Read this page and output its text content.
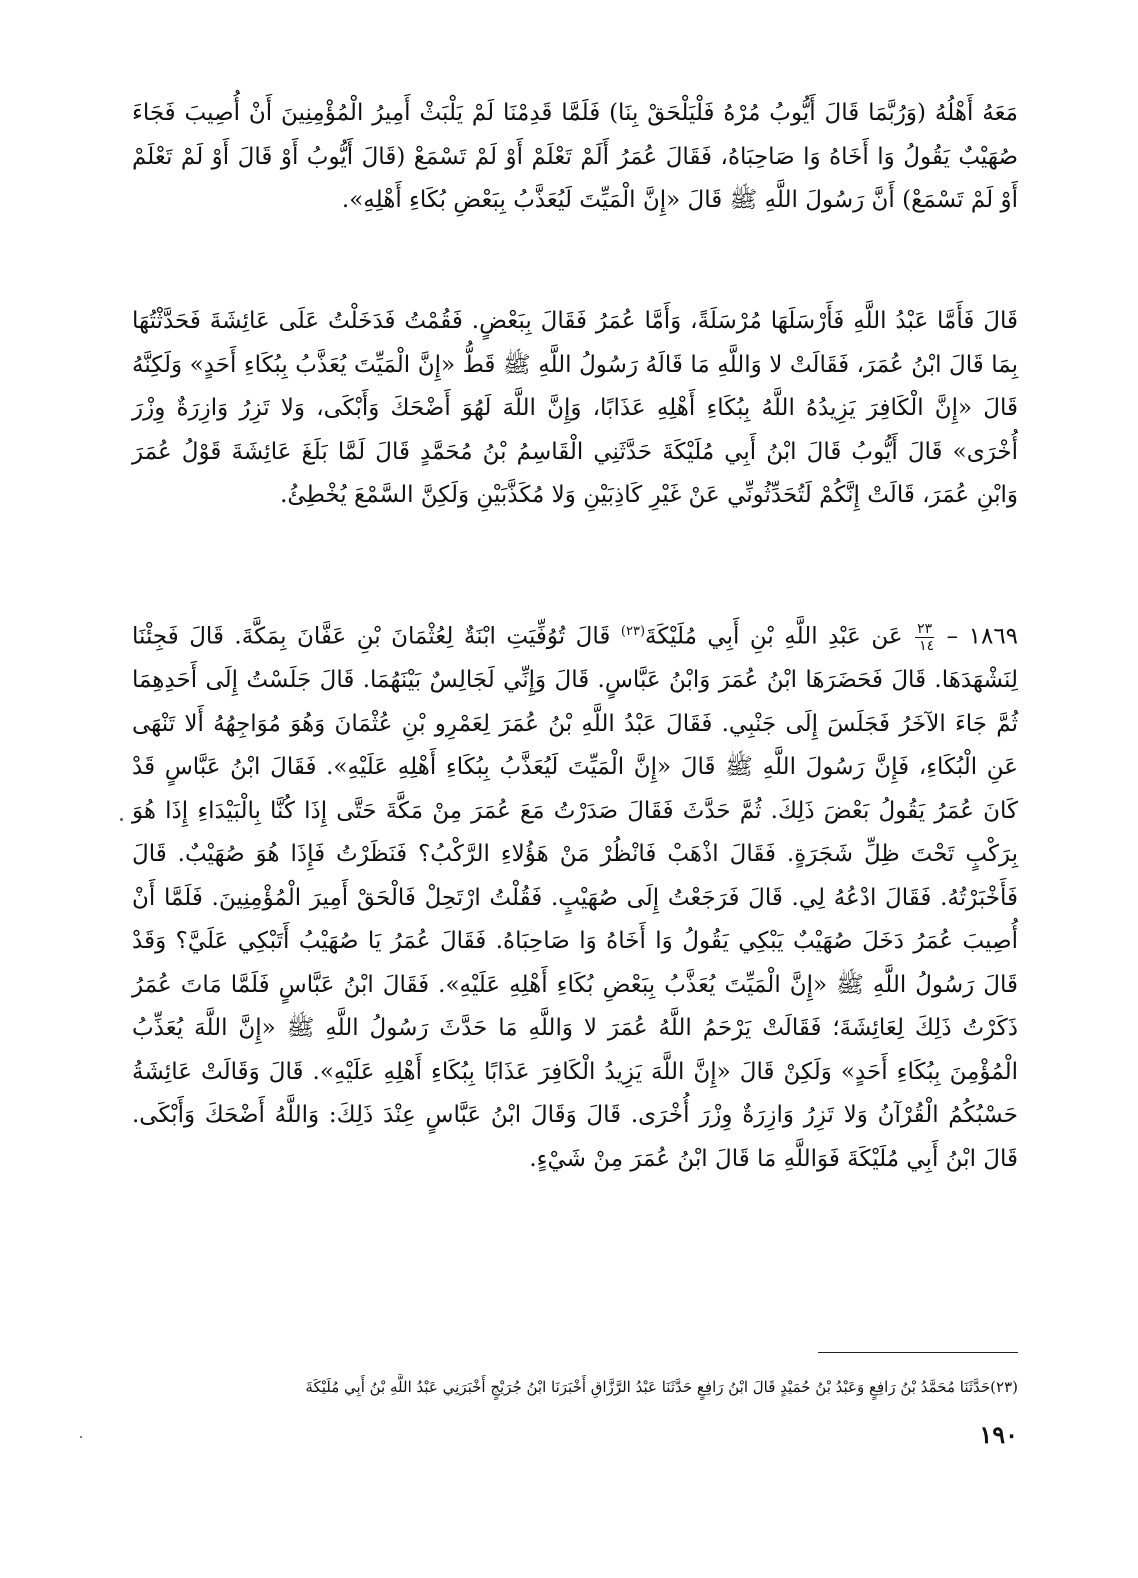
مَعَهُ أَهْلُهُ (وَرُبَّمَا قَالَ أَيُّوبُ مُرْهُ فَلْيَلْحَقْ بِنَا) فَلَمَّا قَدِمْنَا لَمْ يَلْبَثْ أَمِيرُ الْمُؤْمِنِينَ أَنْ أُصِيبَ فَجَاءَ صُهَيْبٌ يَقُولُ وَا أَخَاهُ وَا صَاحِبَاهُ، فَقَالَ عُمَرُ أَلَمْ تَعْلَمْ أَوْ لَمْ تَسْمَعْ (قَالَ أَيُّوبُ أَوْ قَالَ أَوْ لَمْ تَعْلَمْ أَوْ لَمْ تَسْمَعْ) أَنَّ رَسُولَ اللَّهِ ﷺ قَالَ «إِنَّ الْمَيِّتَ لَيُعَذَّبُ بِبَعْضِ بُكَاءِ أَهْلِهِ».

قَالَ فَأَمَّا عَبْدُ اللَّهِ فَأَرْسَلَهَا مُرْسَلَةً، وَأَمَّا عُمَرُ فَقَالَ بِبَعْضٍ. فَقُمْتُ فَدَخَلْتُ عَلَى عَائِشَةَ فَحَدَّثْتُهَا بِمَا قَالَ ابْنُ عُمَرَ، فَقَالَتْ لا وَاللَّهِ مَا قَالَهُ رَسُولُ اللَّهِ ﷺ قَطُّ «إِنَّ الْمَيِّتَ يُعَذَّبُ بِبُكَاءِ أَحَدٍ» وَلَكِنَّهُ قَالَ «إِنَّ الْكَافِرَ يَزِيدُهُ اللَّهُ بِبُكَاءِ أَهْلِهِ عَذَابًا، وَإِنَّ اللَّهَ لَهُوَ أَضْحَكَ وَأَبْكَى، وَلا تَزِرُ وَازِرَةٌ وِزْرَ أُخْرَى» قَالَ أَيُّوبُ قَالَ ابْنُ أَبِي مُلَيْكَةَ حَدَّثَنِي الْقَاسِمُ بْنُ مُحَمَّدٍ قَالَ لَمَّا بَلَغَ عَائِشَةَ قَوْلُ عُمَرَ وَابْنِ عُمَرَ، قَالَتْ إِنَّكُمْ لَتُحَدِّثُونِّي عَنْ غَيْرِ كَاذِبَيْنِ وَلا مُكَذَّبَيْنِ وَلَكِنَّ السَّمْعَ يُخْطِئُ.

١٨٦٩ –
$\frac{٢٣}{١٤}$
عَن عَبْدِ اللَّهِ بْنِ أَبِي مُلَيْكَةَ$^{(٢٣)}$ قَالَ تُوُفِّيَتِ ابْنَةٌ لِعُثْمَانَ بْنِ عَفَّانَ بِمَكَّةَ. قَالَ فَجِئْنَا لِنَشْهَدَهَا. قَالَ فَحَضَرَهَا ابْنُ عُمَرَ وَابْنُ عَبَّاسٍ. قَالَ وَإِنِّي لَجَالِسٌ بَيْنَهُمَا. قَالَ جَلَسْتُ إِلَى أَحَدِهِمَا ثُمَّ جَاءَ الآخَرُ فَجَلَسَ إِلَى جَنْبِي. فَقَالَ عَبْدُ اللَّهِ بْنُ عُمَرَ لِعَمْرِو بْنِ عُثْمَانَ وَهُوَ مُوَاجِهُهُ أَلا تَنْهَى عَنِ الْبُكَاءِ، فَإِنَّ رَسُولَ اللَّهِ ﷺ قَالَ «إِنَّ الْمَيِّتَ لَيُعَذَّبُ بِبُكَاءِ أَهْلِهِ عَلَيْهِ». فَقَالَ ابْنُ عَبَّاسٍ قَدْ كَانَ عُمَرُ يَقُولُ بَعْضَ ذَلِكَ. ثُمَّ حَدَّثَ فَقَالَ صَدَرْتُ مَعَ عُمَرَ مِنْ مَكَّةَ حَتَّى إِذَا كُنَّا بِالْبَيْدَاءِ إِذَا هُوَ بِرَكْبٍ تَحْتَ ظِلِّ شَجَرَةٍ. فَقَالَ اذْهَبْ فَانْظُرْ مَنْ هَؤُلاءِ الرَّكْبُ؟ فَنَظَرْتُ فَإِذَا هُوَ صُهَيْبٌ. قَالَ فَأَخْبَرْتُهُ. فَقَالَ ادْعُهُ لِي. قَالَ فَرَجَعْتُ إِلَى صُهَيْبٍ. فَقُلْتُ ارْتَحِلْ فَالْحَقْ أَمِيرَ الْمُؤْمِنِينَ. فَلَمَّا أَنْ أُصِيبَ عُمَرُ دَخَلَ صُهَيْبٌ يَبْكِي يَقُولُ وَا أَخَاهُ وَا صَاحِبَاهُ. فَقَالَ عُمَرُ يَا صُهَيْبُ أَتَبْكِي عَلَيَّ؟ وَقَدْ قَالَ رَسُولُ اللَّهِ ﷺ «إِنَّ الْمَيِّتَ يُعَذَّبُ بِبَعْضِ بُكَاءِ أَهْلِهِ عَلَيْهِ». فَقَالَ ابْنُ عَبَّاسٍ فَلَمَّا مَاتَ عُمَرُ ذَكَرْتُ ذَلِكَ لِعَائِشَةَ؛ فَقَالَتْ يَرْحَمُ اللَّهُ عُمَرَ لا وَاللَّهِ مَا حَدَّثَ رَسُولُ اللَّهِ ﷺ «إِنَّ اللَّهَ يُعَذِّبُ الْمُؤْمِنَ بِبُكَاءِ أَحَدٍ» وَلَكِنْ قَالَ «إِنَّ اللَّهَ يَزِيدُ الْكَافِرَ عَذَابًا بِبُكَاءِ أَهْلِهِ عَلَيْهِ». قَالَ وَقَالَتْ عَائِشَةُ حَسْبُكُمُ الْقُرْآنُ وَلا تَزِرُ وَازِرَةٌ وِزْرَ أُخْرَى. قَالَ وَقَالَ ابْنُ عَبَّاسٍ عِنْدَ ذَلِكَ: وَاللَّهُ أَضْحَكَ وَأَبْكَى. قَالَ ابْنُ أَبِي مُلَيْكَةَ فَوَاللَّهِ مَا قَالَ ابْنُ عُمَرَ مِنْ شَيْءٍ.

(٢٣)حَدَّثَنَا مُحَمَّدُ بْنُ رَافِعٍ وَعَبْدُ بْنُ حُمَيْدٍ قَالَ ابْنُ رَافِعٍ حَدَّثَنَا عَبْدُ الرَّزَّاقِ أَخْبَرَنَا ابْنُ جُرَيْجٍ أَخْبَرَنِي عَبْدُ اللَّهِ بْنُ أَبِي مُلَيْكَةَ
١٩٠
